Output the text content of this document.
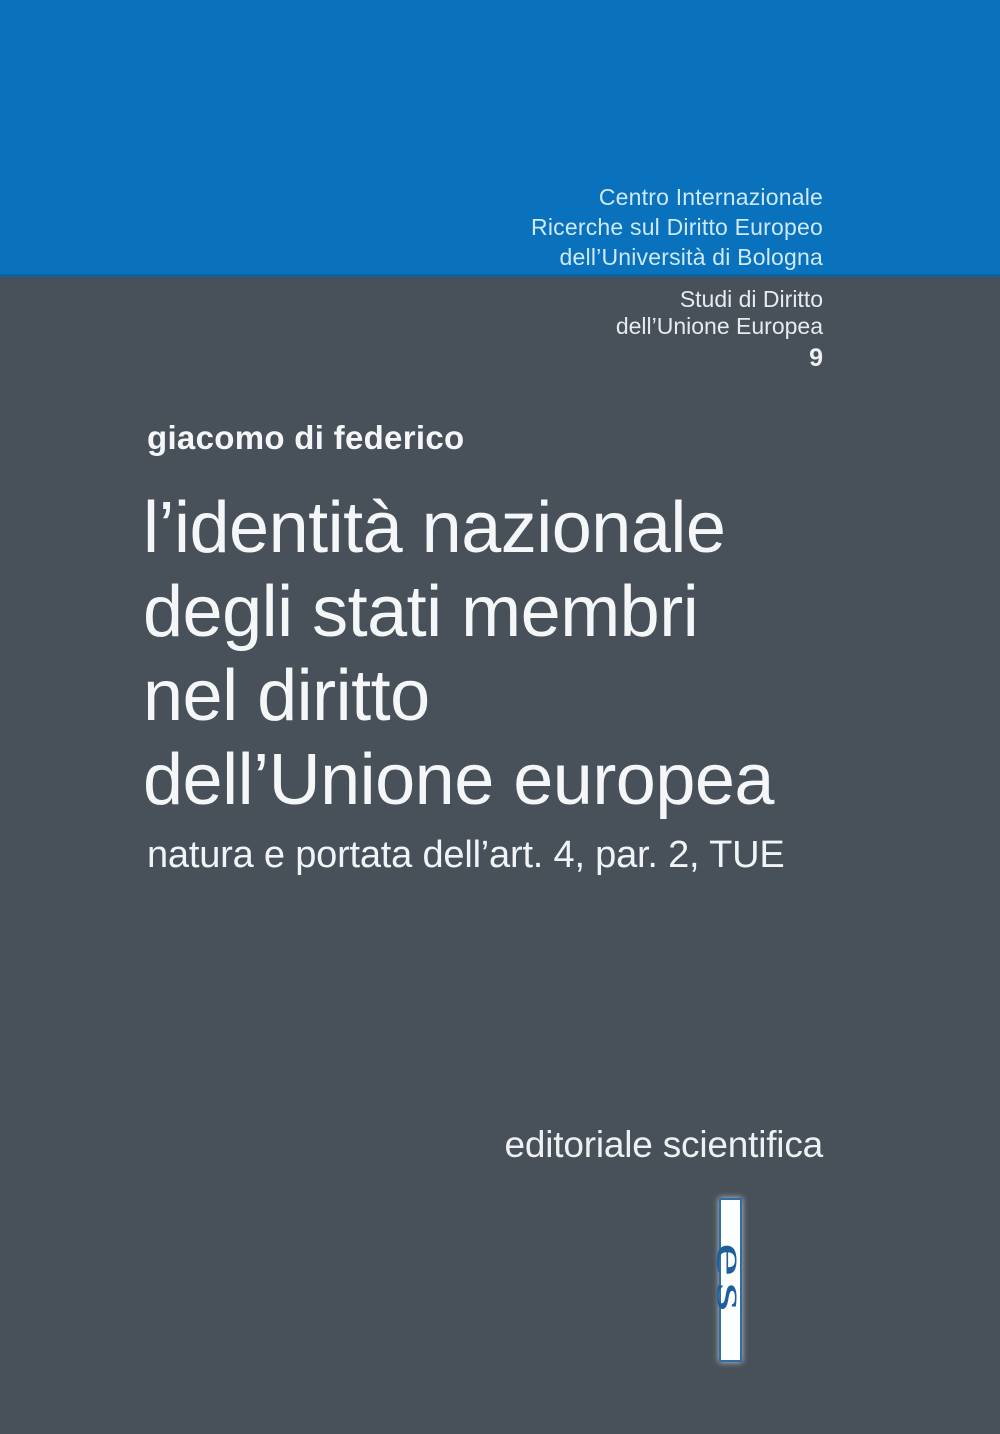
Centro Internazionale
Ricerche sul Diritto Europeo
dell’Università di Bologna
Studi di Diritto
dell’Unione Europea
9
giacomo di federico
l’identità nazionale
degli stati membri
nel diritto
dell’Unione europea
natura e portata dell’art. 4, par. 2, TUE
editoriale scientifica
es
